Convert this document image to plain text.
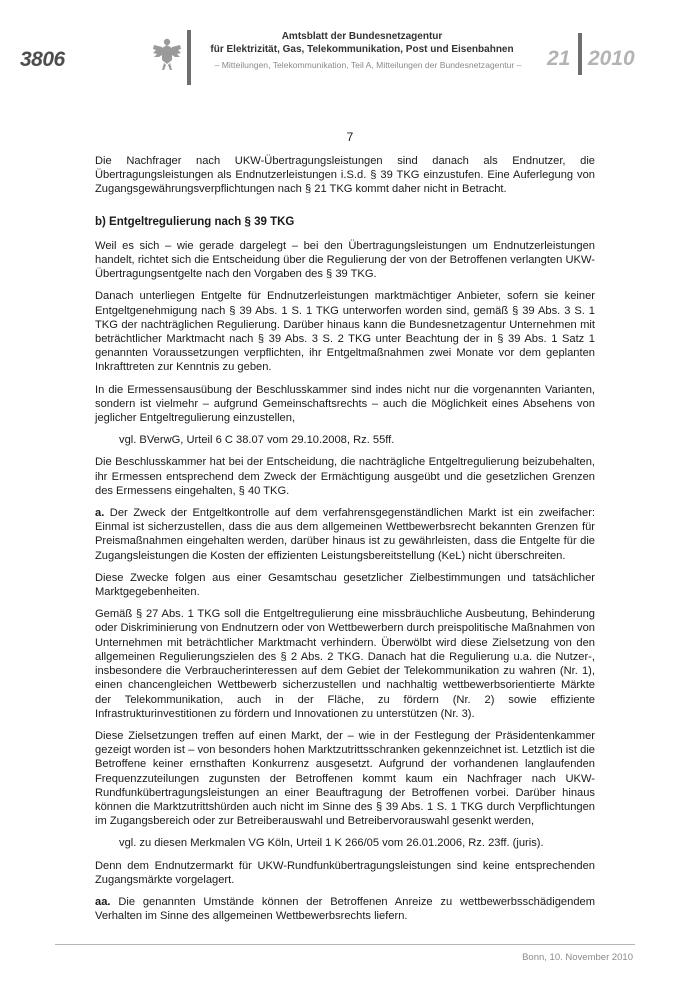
3806
Amtsblatt der Bundesnetzagentur
für Elektrizität, Gas, Telekommunikation, Post und Eisenbahnen
– Mitteilungen, Telekommunikation, Teil A, Mitteilungen der Bundesnetzagentur –	21 2010
7

Die Nachfrager nach UKW-Übertragungsleistungen sind danach als Endnutzer, die Übertragungsleistungen als Endnutzerleistungen i.S.d. § 39 TKG einzustufen. Eine Auferlegung von Zugangsgewährungsverpflichtungen nach § 21 TKG kommt daher nicht in Betracht.

b) Entgeltregulierung nach § 39 TKG

Weil es sich – wie gerade dargelegt – bei den Übertragungsleistungen um Endnutzerleistungen handelt, richtet sich die Entscheidung über die Regulierung der von der Betroffenen verlangten UKW-Übertragungsentgelte nach den Vorgaben des § 39 TKG.

Danach unterliegen Entgelte für Endnutzerleistungen marktmächtiger Anbieter, sofern sie keiner Entgeltgenehmigung nach § 39 Abs. 1 S. 1 TKG unterworfen worden sind, gemäß § 39 Abs. 3 S. 1 TKG der nachträglichen Regulierung. Darüber hinaus kann die Bundesnetzagentur Unternehmen mit beträchtlicher Marktmacht nach § 39 Abs. 3 S. 2 TKG unter Beachtung der in § 39 Abs. 1 Satz 1 genannten Voraussetzungen verpflichten, ihr Entgeltmaßnahmen zwei Monate vor dem geplanten Inkrafttreten zur Kenntnis zu geben.

In die Ermessensausübung der Beschlusskammer sind indes nicht nur die vorgenannten Varianten, sondern ist vielmehr – aufgrund Gemeinschaftsrechts – auch die Möglichkeit eines Absehens von jeglicher Entgeltregulierung einzustellen,

vgl. BVerwG, Urteil 6 C 38.07 vom 29.10.2008, Rz. 55ff.

Die Beschlusskammer hat bei der Entscheidung, die nachträgliche Entgeltregulierung beizubehalten, ihr Ermessen entsprechend dem Zweck der Ermächtigung ausgeübt und die gesetzlichen Grenzen des Ermessens eingehalten, § 40 TKG.

a. Der Zweck der Entgeltkontrolle auf dem verfahrensgegenständlichen Markt ist ein zweifacher: Einmal ist sicherzustellen, dass die aus dem allgemeinen Wettbewerbsrecht bekannten Grenzen für Preismaßnahmen eingehalten werden, darüber hinaus ist zu gewährleisten, dass die Entgelte für die Zugangsleistungen die Kosten der effizienten Leistungsbereitstellung (KeL) nicht überschreiten.

Diese Zwecke folgen aus einer Gesamtschau gesetzlicher Zielbestimmungen und tatsächlicher Marktgegebenheiten.

Gemäß § 27 Abs. 1 TKG soll die Entgeltregulierung eine missbräuchliche Ausbeutung, Behinderung oder Diskriminierung von Endnutzern oder von Wettbewerbern durch preispolitische Maßnahmen von Unternehmen mit beträchtlicher Marktmacht verhindern. Überwölbt wird diese Zielsetzung von den allgemeinen Regulierungszielen des § 2 Abs. 2 TKG. Danach hat die Regulierung u.a. die Nutzer-, insbesondere die Verbraucherinteressen auf dem Gebiet der Telekommunikation zu wahren (Nr. 1), einen chancengleichen Wettbewerb sicherzustellen und nachhaltig wettbewerbsorientierte Märkte der Telekommunikation, auch in der Fläche, zu fördern (Nr. 2) sowie effiziente Infrastrukturinvestitionen zu fördern und Innovationen zu unterstützen (Nr. 3).

Diese Zielsetzungen treffen auf einen Markt, der – wie in der Festlegung der Präsidentenkammer gezeigt worden ist – von besonders hohen Marktzutrittsschranken gekennzeichnet ist. Letztlich ist die Betroffene keiner ernsthaften Konkurrenz ausgesetzt. Aufgrund der vorhandenen langlaufenden Frequenzzuteilungen zugunsten der Betroffenen kommt kaum ein Nachfrager nach UKW-Rundfunkübertragungsleistungen an einer Beauftragung der Betroffenen vorbei. Darüber hinaus können die Marktzutrittshürden auch nicht im Sinne des § 39 Abs. 1 S. 1 TKG durch Verpflichtungen im Zugangsbereich oder zur Betreiberauswahl und Betreibervorauswahl gesenkt werden,

vgl. zu diesen Merkmalen VG Köln, Urteil 1 K 266/05 vom 26.01.2006, Rz. 23ff. (juris).

Denn dem Endnutzermarkt für UKW-Rundfunkübertragungsleistungen sind keine entsprechenden Zugangsmärkte vorgelagert.

aa. Die genannten Umstände können der Betroffenen Anreize zu wettbewerbsschädigendem Verhalten im Sinne des allgemeinen Wettbewerbsrechts liefern.

Bonn, 10. November 2010
